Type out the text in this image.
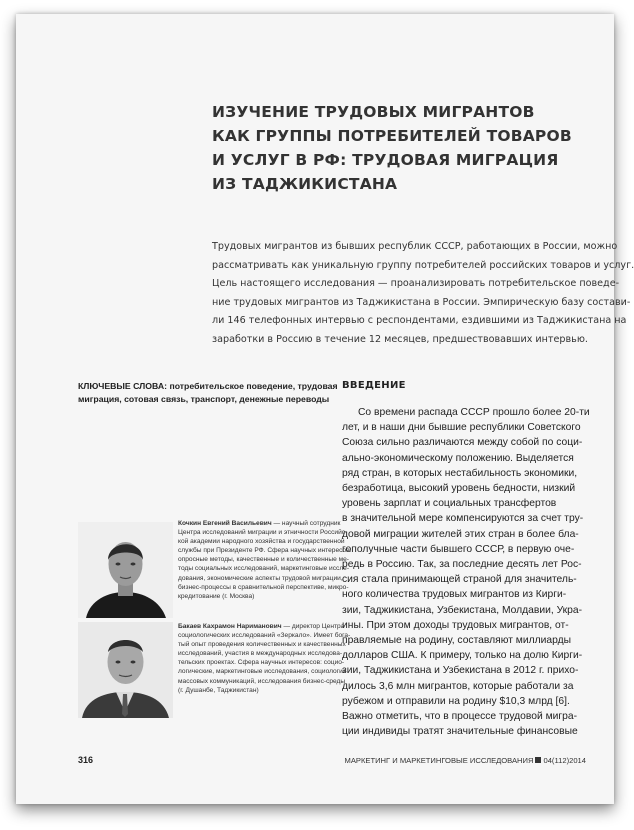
ИЗУЧЕНИЕ ТРУДОВЫХ МИГРАНТОВ
КАК ГРУППЫ ПОТРЕБИТЕЛЕЙ ТОВАРОВ
И УСЛУГ В РФ: ТРУДОВАЯ МИГРАЦИЯ
ИЗ ТАДЖИКИСТАНА
Трудовых мигрантов из бывших республик СССР, работающих в России, можно
рассматривать как уникальную группу потребителей российских товаров и услуг.
Цель настоящего исследования — проанализировать потребительское поведе-
ние трудовых мигрантов из Таджикистана в России. Эмпирическую базу состави-
ли 146 телефонных интервью с респондентами, ездившими из Таджикистана на
заработки в Россию в течение 12 месяцев, предшествовавших интервью.
КЛЮЧЕВЫЕ СЛОВА: потребительское поведение, трудовая
миграция, сотовая связь, транспорт, денежные переводы
ВВЕДЕНИЕ
Со времени распада СССР прошло более 20-ти
лет, и в наши дни бывшие республики Советского
Союза сильно различаются между собой по соци-
ально-экономическому положению. Выделяется
ряд стран, в которых нестабильность экономики,
безработица, высокий уровень бедности, низкий
уровень зарплат и социальных трансфертов
в значительной мере компенсируются за счет тру-
довой миграции жителей этих стран в более бла-
гополучные части бывшего СССР, в первую оче-
редь в Россию. Так, за последние десять лет Рос-
сия стала принимающей страной для значитель-
ного количества трудовых мигрантов из Кирги-
зии, Таджикистана, Узбекистана, Молдавии, Укра-
ины. При этом доходы трудовых мигрантов, от-
правляемые на родину, составляют миллиарды
долларов США. К примеру, только на долю Кирги-
зии, Таджикистана и Узбекистана в 2012 г. прихо-
дилось 3,6 млн мигрантов, которые работали за
рубежом и отправили на родину $10,3 млрд [6].
Важно отметить, что в процессе трудовой мигра-
ции индивиды тратят значительные финансовые
Кочкин Евгений Васильевич — научный сотрудник
Центра исследований миграции и этничности Российс-
кой академии народного хозяйства и государственной
службы при Президенте РФ. Сфера научных интересов:
опросные методы, качественные и количественные ме-
тоды социальных исследований, маркетинговые иссле-
дования, экономические аспекты трудовой миграции,
бизнес-процессы в сравнительной перспективе, микро-
кредитование (г. Москва)
Бакаев Кахрамон Нариманович — директор Центра
социологических исследований «Зеркало». Имеет бога-
тый опыт проведения количественных и качественных
исследований, участия в международных исследова-
тельских проектах. Сфера научных интересов: социо-
логические, маркетинговые исследования, социология
массовых коммуникаций, исследования бизнес-среды
(г. Душанбе, Таджикистан)
316	МАРКЕТИНГ И МАРКЕТИНГОВЫЕ ИССЛЕДОВАНИЯ 04(112)2014
